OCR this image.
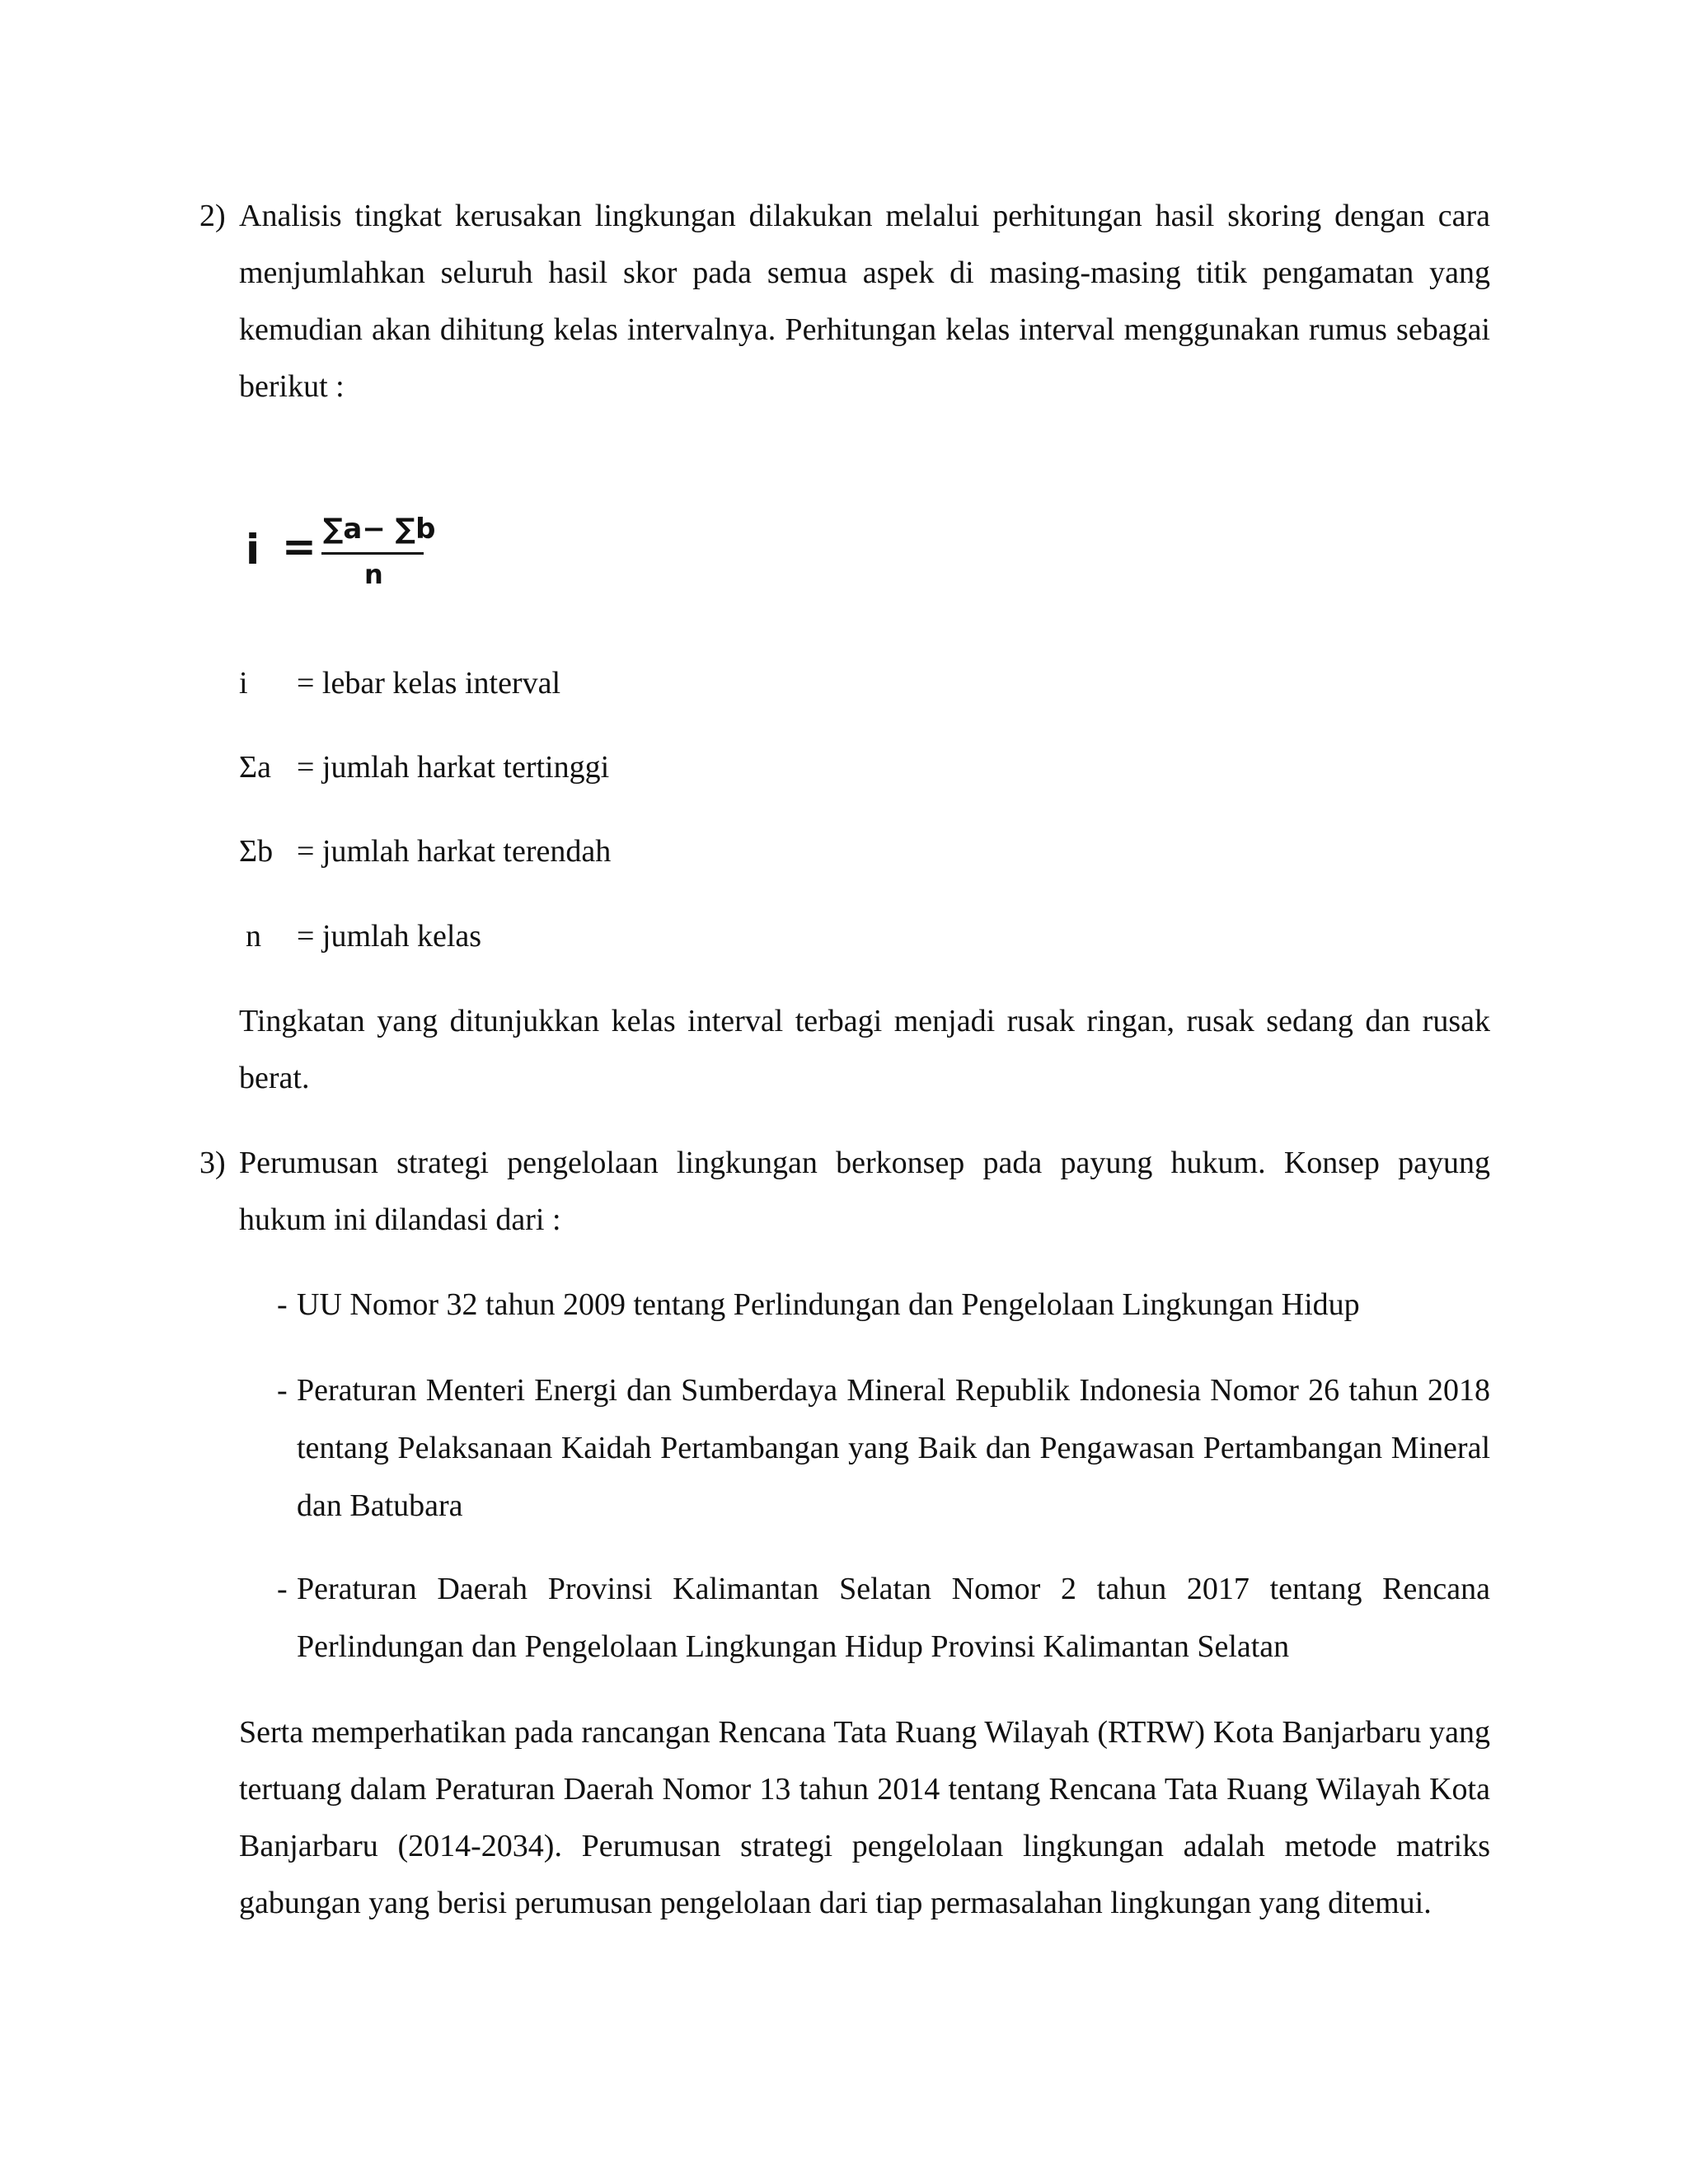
2) Analisis tingkat kerusakan lingkungan dilakukan melalui perhitungan hasil skoring dengan cara menjumlahkan seluruh hasil skor pada semua aspek di masing-masing titik pengamatan yang kemudian akan dihitung kelas intervalnya. Perhitungan kelas interval menggunakan rumus sebagai berikut :
i = ∑a− ∑b
n
i = lebar kelas interval
Σa = jumlah harkat tertinggi
Σb = jumlah harkat terendah
n = jumlah kelas
Tingkatan yang ditunjukkan kelas interval terbagi menjadi rusak ringan, rusak sedang dan rusak berat.
3) Perumusan strategi pengelolaan lingkungan berkonsep pada payung hukum. Konsep payung hukum ini dilandasi dari :
- UU Nomor 32 tahun 2009 tentang Perlindungan dan Pengelolaan Lingkungan Hidup
- Peraturan Menteri Energi dan Sumberdaya Mineral Republik Indonesia Nomor 26 tahun 2018 tentang Pelaksanaan Kaidah Pertambangan yang Baik dan Pengawasan Pertambangan Mineral dan Batubara
- Peraturan Daerah Provinsi Kalimantan Selatan Nomor 2 tahun 2017 tentang Rencana Perlindungan dan Pengelolaan Lingkungan Hidup Provinsi Kalimantan Selatan
Serta memperhatikan pada rancangan Rencana Tata Ruang Wilayah (RTRW) Kota Banjarbaru yang tertuang dalam Peraturan Daerah Nomor 13 tahun 2014 tentang Rencana Tata Ruang Wilayah Kota Banjarbaru (2014-2034). Perumusan strategi pengelolaan lingkungan adalah metode matriks gabungan yang berisi perumusan pengelolaan dari tiap permasalahan lingkungan yang ditemui.
